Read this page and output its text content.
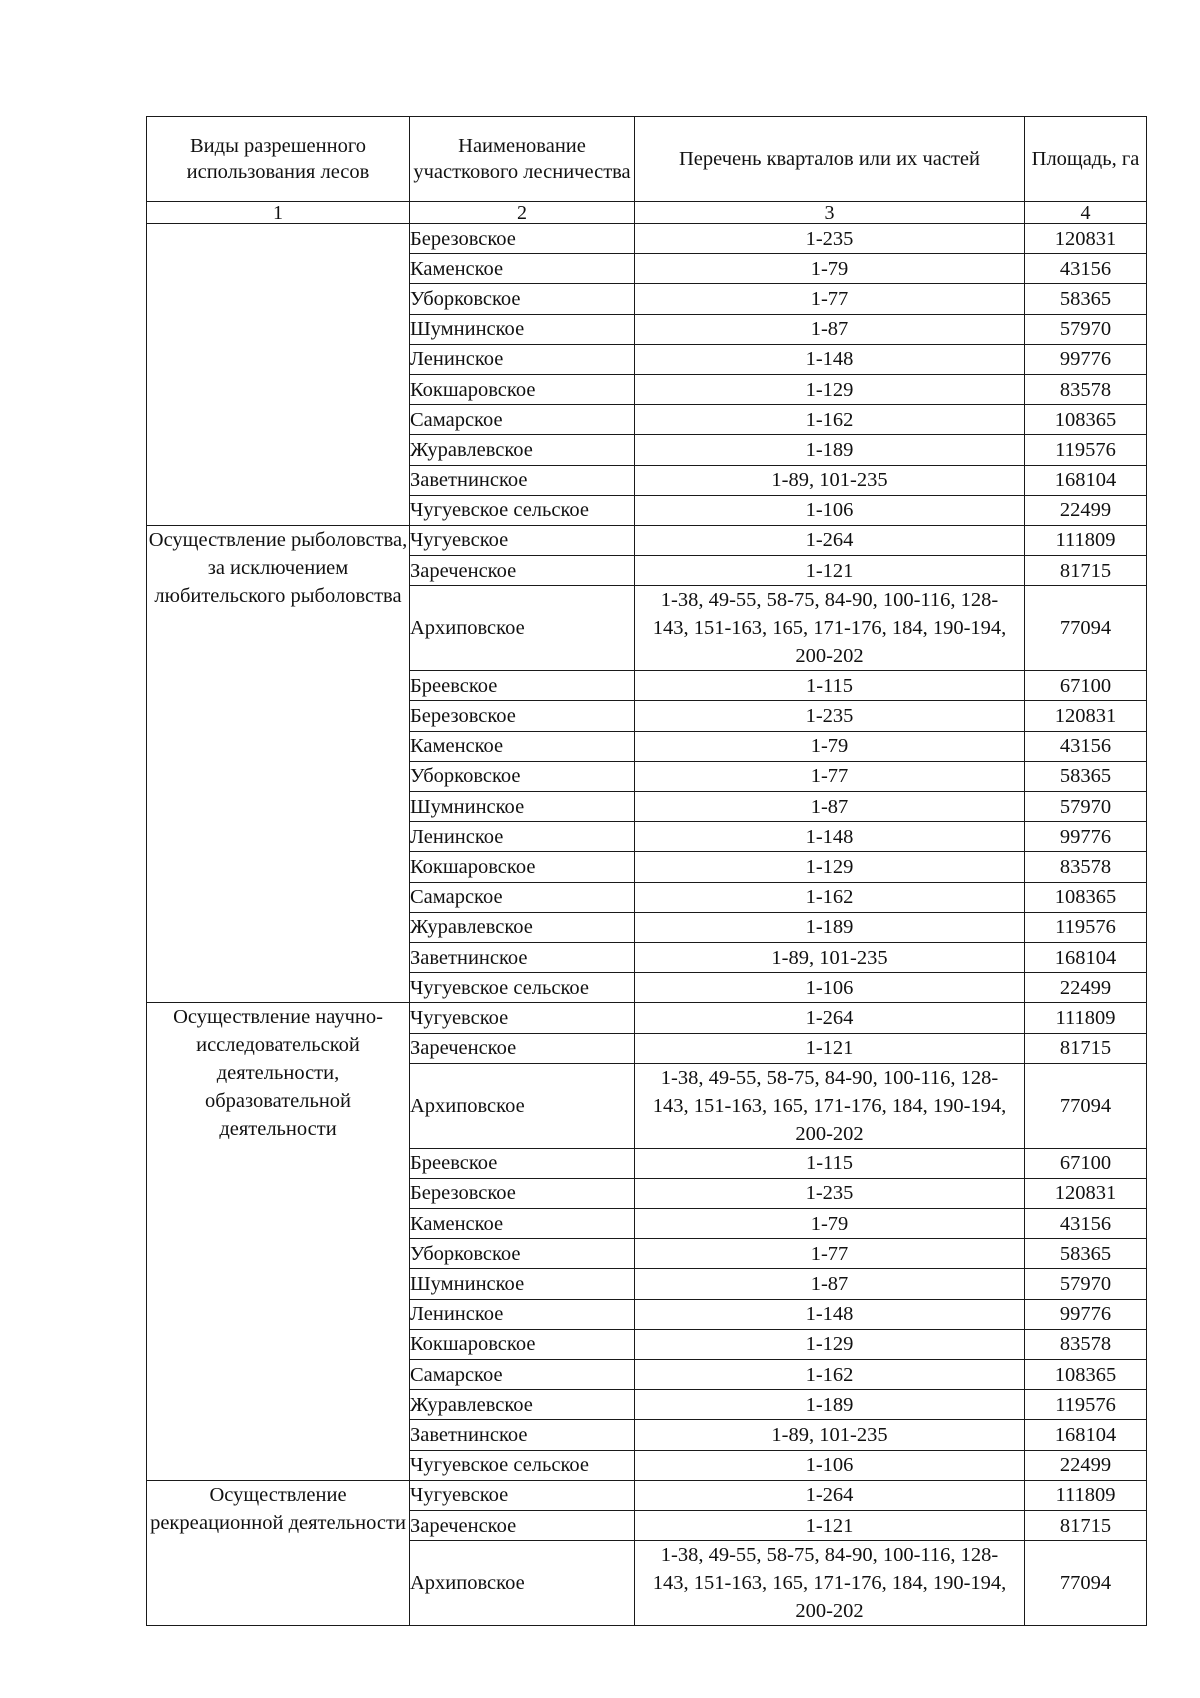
Виды разрешенного использования лесов	Наименование участкового лесничества	Перечень кварталов или их частей	Площадь, га
1	2	3	4
	Березовское	1-235	120831
	Каменское	1-79	43156
	Уборковское	1-77	58365
	Шумнинское	1-87	57970
	Ленинское	1-148	99776
	Кокшаровское	1-129	83578
	Самарское	1-162	108365
	Журавлевское	1-189	119576
	Заветнинское	1-89, 101-235	168104
	Чугуевское сельское	1-106	22499
Осуществление рыболовства, за исключением любительского рыболовства	Чугуевское	1-264	111809
	Зареченское	1-121	81715
	Архиповское	1-38, 49-55, 58-75, 84-90, 100-116, 128-143, 151-163, 165, 171-176, 184, 190-194, 200-202	77094
	Бреевское	1-115	67100
	Березовское	1-235	120831
	Каменское	1-79	43156
	Уборковское	1-77	58365
	Шумнинское	1-87	57970
	Ленинское	1-148	99776
	Кокшаровское	1-129	83578
	Самарское	1-162	108365
	Журавлевское	1-189	119576
	Заветнинское	1-89, 101-235	168104
	Чугуевское сельское	1-106	22499
Осуществление научно-исследовательской деятельности, образовательной деятельности	Чугуевское	1-264	111809
	Зареченское	1-121	81715
	Архиповское	1-38, 49-55, 58-75, 84-90, 100-116, 128-143, 151-163, 165, 171-176, 184, 190-194, 200-202	77094
	Бреевское	1-115	67100
	Березовское	1-235	120831
	Каменское	1-79	43156
	Уборковское	1-77	58365
	Шумнинское	1-87	57970
	Ленинское	1-148	99776
	Кокшаровское	1-129	83578
	Самарское	1-162	108365
	Журавлевское	1-189	119576
	Заветнинское	1-89, 101-235	168104
	Чугуевское сельское	1-106	22499
Осуществление рекреационной деятельности	Чугуевское	1-264	111809
	Зареченское	1-121	81715
	Архиповское	1-38, 49-55, 58-75, 84-90, 100-116, 128-143, 151-163, 165, 171-176, 184, 190-194, 200-202	77094
